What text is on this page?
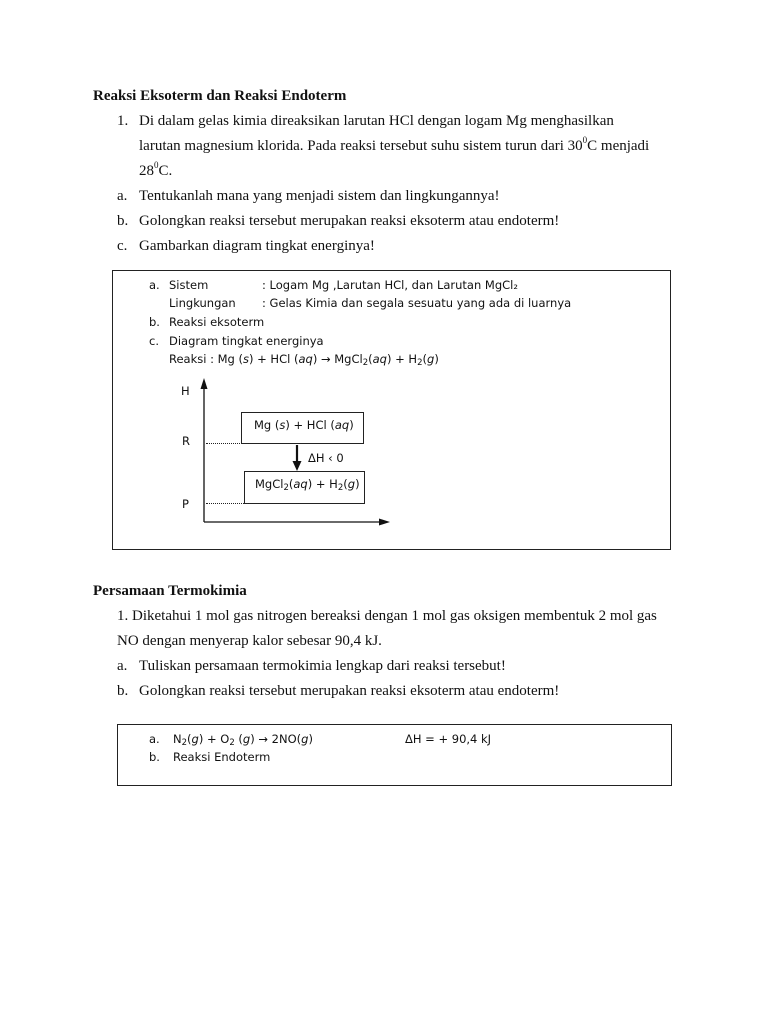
Reaksi Eksoterm dan Reaksi Endoterm
1. Di dalam gelas kimia direaksikan larutan HCl dengan logam Mg menghasilkan
larutan magnesium klorida. Pada reaksi tersebut suhu sistem turun dari $30^0C$ menjadi
$28^0C$.
a. Tentukanlah mana yang menjadi sistem dan lingkungannya!
b. Golongkan reaksi tersebut merupakan reaksi eksoterm atau endoterm!
c. Gambarkan diagram tingkat energinya!
a. Sistem	: Logam Mg ,Larutan HCl, dan Larutan MgCl₂
Lingkungan : Gelas Kimia dan segala sesuatu yang ada di luarnya
b. Reaksi eksoterm
c. Diagram tingkat energinya
Reaksi : Mg (s) + HCl (aq) → MgCl$_2$(aq) + $H_2(g)$
H
R
P
Mg (s) + HCl (aq)
ΔH ‹ 0
MgCl$_2$(aq) + $H_2(g)$
Persamaan Termokimia
1. Diketahui 1 mol gas nitrogen bereaksi dengan 1 mol gas oksigen membentuk 2 mol gas
NO dengan menyerap kalor sebesar 90,4 kJ.
a. Tuliskan persamaan termokimia lengkap dari reaksi tersebut!
b. Golongkan reaksi tersebut merupakan reaksi eksoterm atau endoterm!
a. $N_2(g) + O_2$ (g) → 2NO(g)	ΔH = + 90,4 kJ
b. Reaksi Endoterm
